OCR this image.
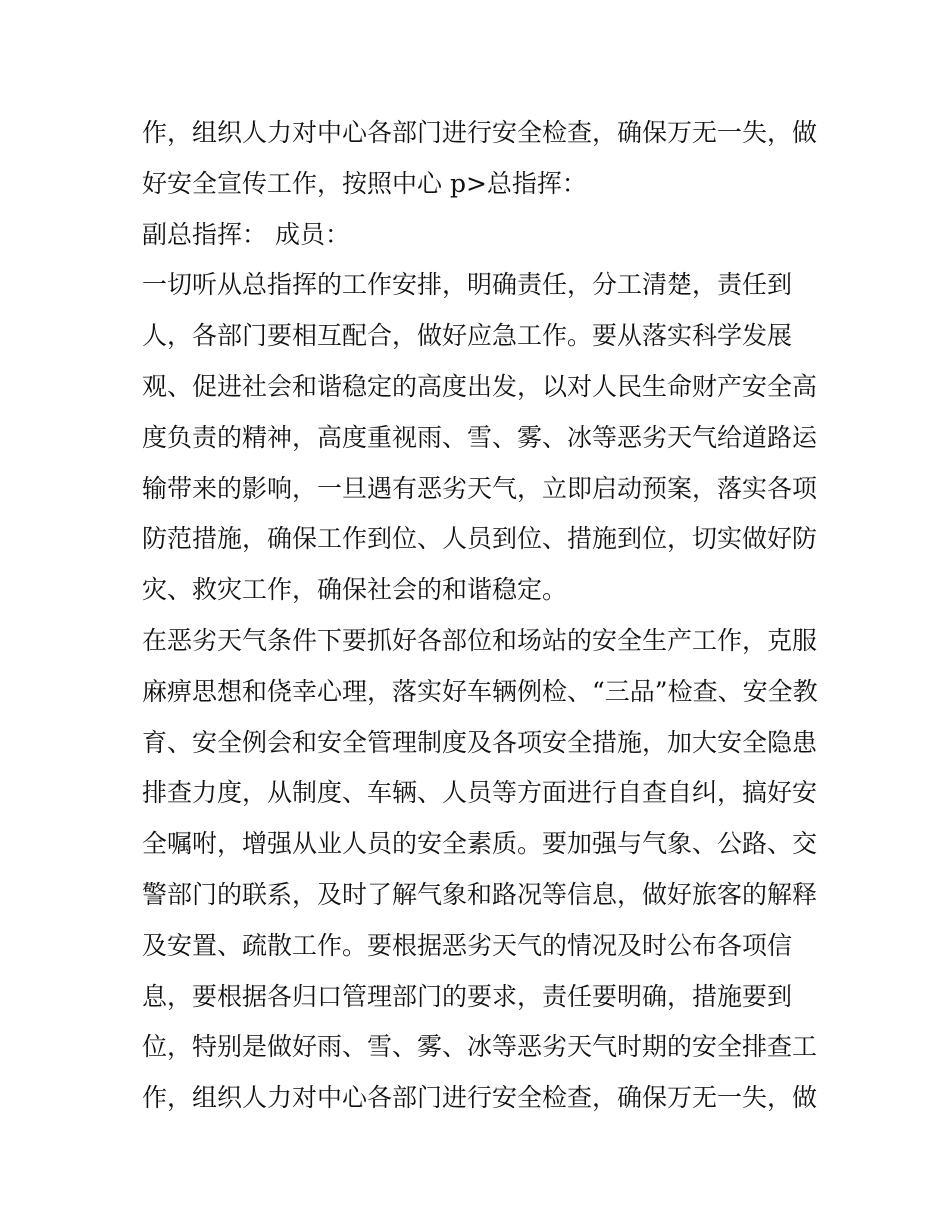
作，组织人力对中心各部门进行安全检查，确保万无一失，做
好安全宣传工作，按照中心 p>总指挥：
副总指挥： 成员：
一切听从总指挥的工作安排，明确责任，分工清楚，责任到
人，各部门要相互配合，做好应急工作。要从落实科学发展
观、促进社会和谐稳定的高度出发，以对人民生命财产安全高
度负责的精神，高度重视雨、雪、雾、冰等恶劣天气给道路运
输带来的影响，一旦遇有恶劣天气，立即启动预案，落实各项
防范措施，确保工作到位、人员到位、措施到位，切实做好防
灾、救灾工作，确保社会的和谐稳定。
在恶劣天气条件下要抓好各部位和场站的安全生产工作，克服
麻痹思想和侥幸心理，落实好车辆例检、“三品”检查、安全教
育、安全例会和安全管理制度及各项安全措施，加大安全隐患
排查力度，从制度、车辆、人员等方面进行自查自纠，搞好安
全嘱咐，增强从业人员的安全素质。要加强与气象、公路、交
警部门的联系，及时了解气象和路况等信息，做好旅客的解释
及安置、疏散工作。要根据恶劣天气的情况及时公布各项信
息，要根据各归口管理部门的要求，责任要明确，措施要到
位，特别是做好雨、雪、雾、冰等恶劣天气时期的安全排查工
作，组织人力对中心各部门进行安全检查，确保万无一失，做
